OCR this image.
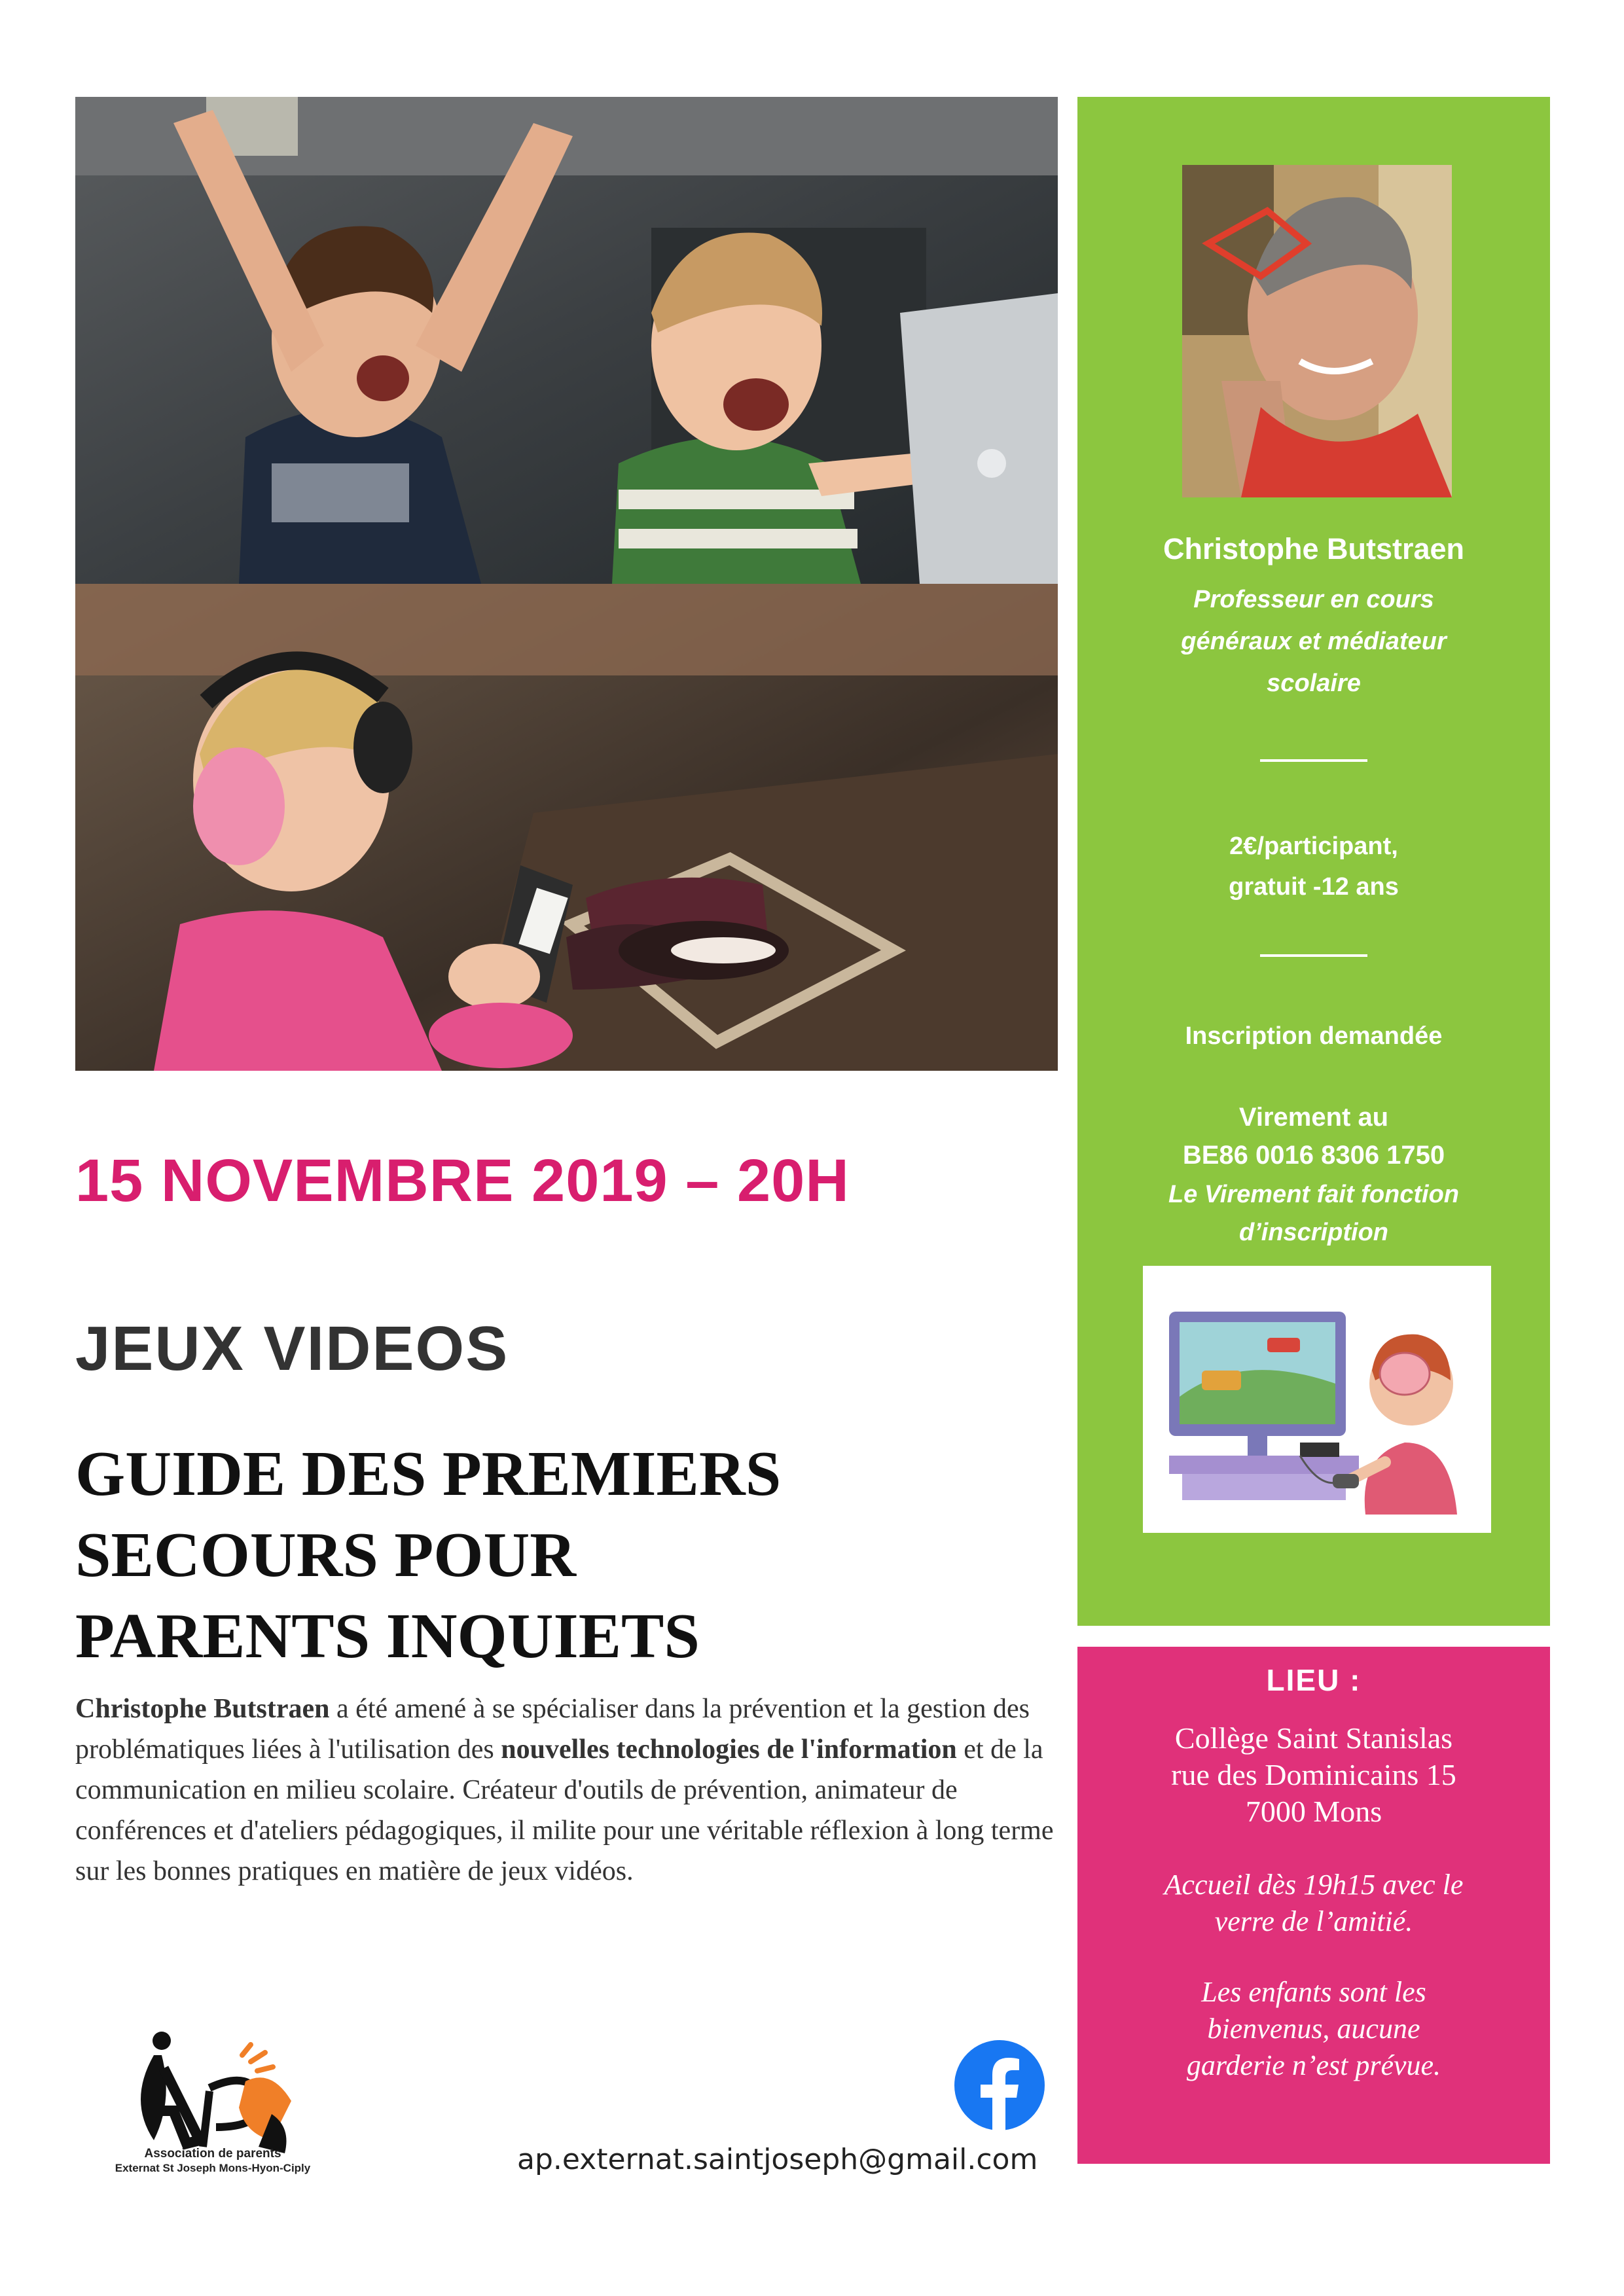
Christophe Butstraen
Professeur en cours
généraux et médiateur
scolaire
2€/participant,
gratuit -12 ans
Inscription demandée
Virement au
BE86 0016 8306 1750
Le Virement fait fonction
d’inscription
LIEU :
Collège Saint Stanislas
rue des Dominicains 15
7000 Mons
Accueil dès 19h15 avec le
verre de l’amitié.
Les enfants sont les
bienvenus, aucune
garderie n’est prévue.
15 NOVEMBRE 2019 – 20H
JEUX VIDEOS
GUIDE DES PREMIERS
SECOURS POUR
PARENTS INQUIETS
Christophe Butstraen a été amené à se spécialiser dans la prévention et la gestion des problématiques liées à l'utilisation des nouvelles technologies de l'information et de la communication en milieu scolaire. Créateur d'outils de prévention, animateur de conférences et d'ateliers pédagogiques, il milite pour une véritable réflexion à long terme sur les bonnes pratiques en matière de jeux vidéos.
Association de parents
Externat St Joseph Mons-Hyon-Ciply	ap.externat.saintjoseph@gmail.com
